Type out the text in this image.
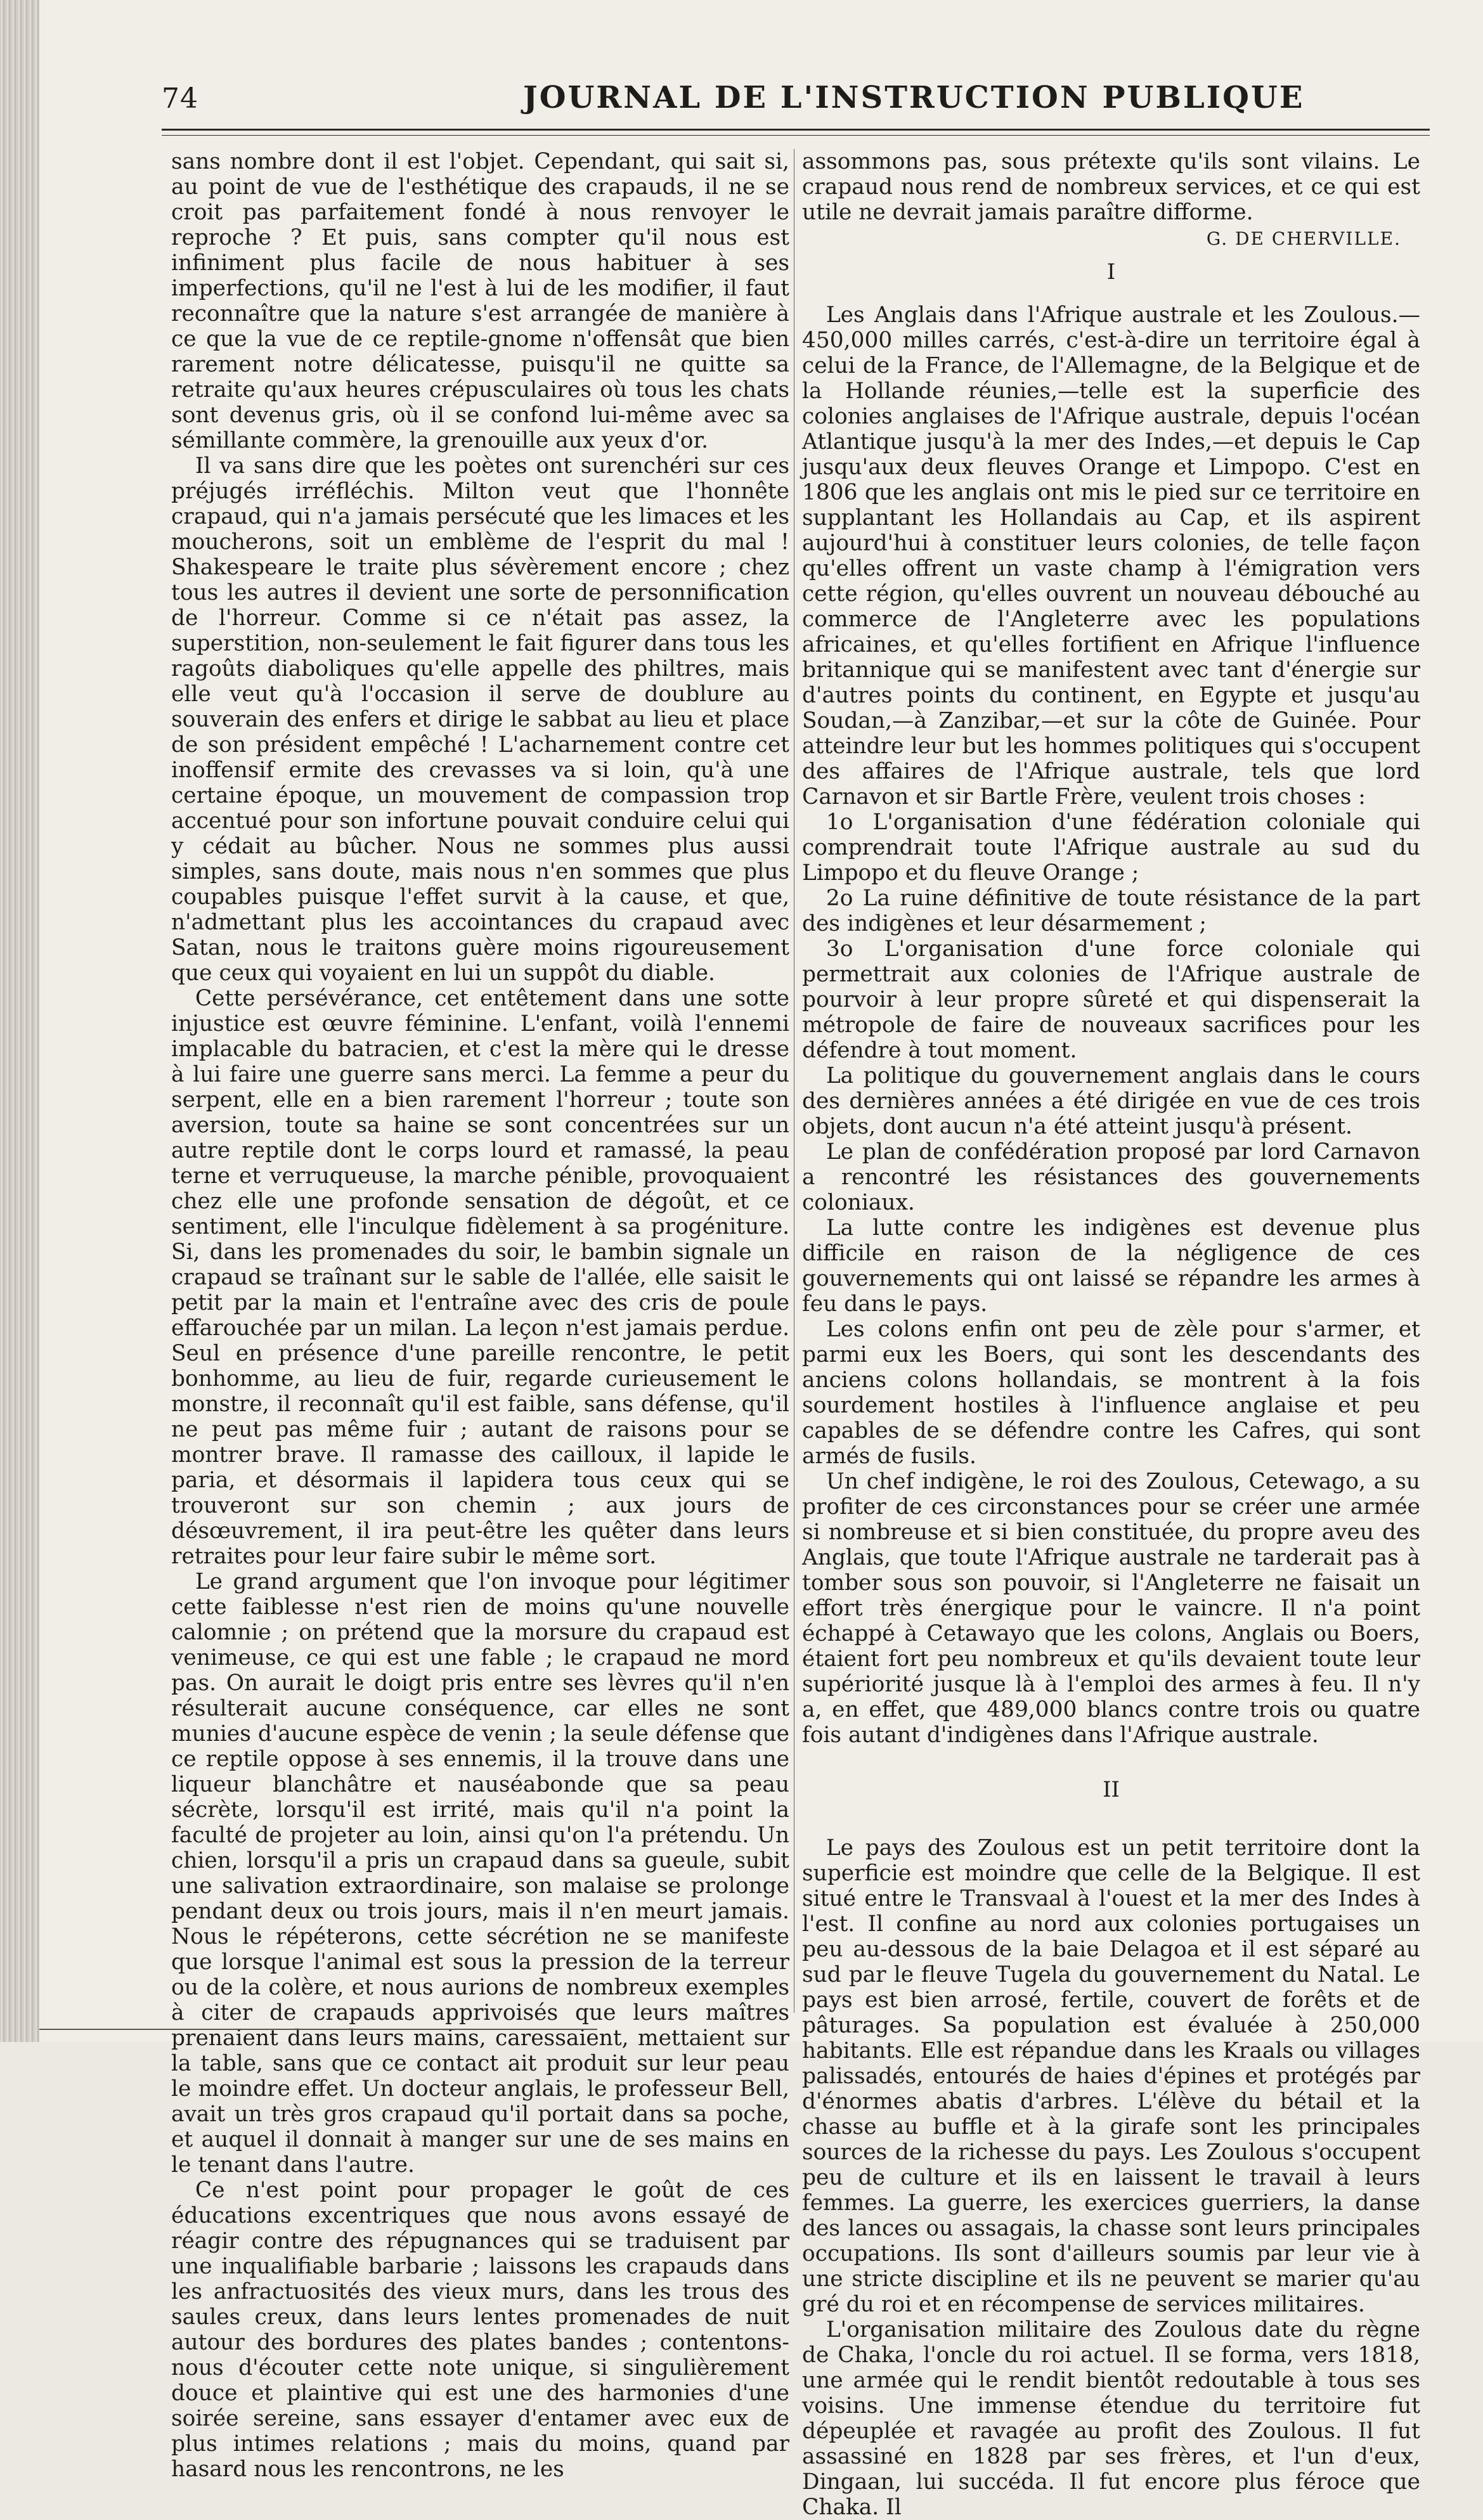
74	JOURNAL DE L'INSTRUCTION PUBLIQUE

sans nombre dont il est l'objet. Cependant, qui sait si, au point de vue de l'esthétique des crapauds, il ne se croit pas parfaitement fondé à nous renvoyer le reproche ? Et puis, sans compter qu'il nous est infiniment plus facile de nous habituer à ses imperfections, qu'il ne l'est à lui de les modifier, il faut reconnaître que la nature s'est arrangée de manière à ce que la vue de ce reptile-gnome n'offensât que bien rarement notre délicatesse, puisqu'il ne quitte sa retraite qu'aux heures crépusculaires où tous les chats sont devenus gris, où il se confond lui-même avec sa sémillante commère, la grenouille aux yeux d'or.

Il va sans dire que les poètes ont surenchéri sur ces préjugés irréfléchis. Milton veut que l'honnête crapaud, qui n'a jamais persécuté que les limaces et les moucherons, soit un emblème de l'esprit du mal ! Shakespeare le traite plus sévèrement encore ; chez tous les autres il devient une sorte de personnification de l'horreur. Comme si ce n'était pas assez, la superstition, non-seulement le fait figurer dans tous les ragoûts diaboliques qu'elle appelle des philtres, mais elle veut qu'à l'occasion il serve de doublure au souverain des enfers et dirige le sabbat au lieu et place de son président empêché ! L'acharnement contre cet inoffensif ermite des crevasses va si loin, qu'à une certaine époque, un mouvement de compassion trop accentué pour son infortune pouvait conduire celui qui y cédait au bûcher. Nous ne sommes plus aussi simples, sans doute, mais nous n'en sommes que plus coupables puisque l'effet survit à la cause, et que, n'admettant plus les accointances du crapaud avec Satan, nous le traitons guère moins rigoureusement que ceux qui voyaient en lui un suppôt du diable.

Cette persévérance, cet entêtement dans une sotte injustice est œuvre féminine. L'enfant, voilà l'ennemi implacable du batracien, et c'est la mère qui le dresse à lui faire une guerre sans merci. La femme a peur du serpent, elle en a bien rarement l'horreur ; toute son aversion, toute sa haine se sont concentrées sur un autre reptile dont le corps lourd et ramassé, la peau terne et verruqueuse, la marche pénible, provoquaient chez elle une profonde sensation de dégoût, et ce sentiment, elle l'inculque fidèlement à sa progéniture. Si, dans les promenades du soir, le bambin signale un crapaud se traînant sur le sable de l'allée, elle saisit le petit par la main et l'entraîne avec des cris de poule effarouchée par un milan. La leçon n'est jamais perdue. Seul en présence d'une pareille rencontre, le petit bonhomme, au lieu de fuir, regarde curieusement le monstre, il reconnaît qu'il est faible, sans défense, qu'il ne peut pas même fuir ; autant de raisons pour se montrer brave. Il ramasse des cailloux, il lapide le paria, et désormais il lapidera tous ceux qui se trouveront sur son chemin ; aux jours de désœuvrement, il ira peut-être les quêter dans leurs retraites pour leur faire subir le même sort.

Le grand argument que l'on invoque pour légitimer cette faiblesse n'est rien de moins qu'une nouvelle calomnie ; on prétend que la morsure du crapaud est venimeuse, ce qui est une fable ; le crapaud ne mord pas. On aurait le doigt pris entre ses lèvres qu'il n'en résulterait aucune conséquence, car elles ne sont munies d'aucune espèce de venin ; la seule défense que ce reptile oppose à ses ennemis, il la trouve dans une liqueur blanchâtre et nauséabonde que sa peau sécrète, lorsqu'il est irrité, mais qu'il n'a point la faculté de projeter au loin, ainsi qu'on l'a prétendu. Un chien, lorsqu'il a pris un crapaud dans sa gueule, subit une salivation extraordinaire, son malaise se prolonge pendant deux ou trois jours, mais il n'en meurt jamais. Nous le répéterons, cette sécrétion ne se manifeste que lorsque l'animal est sous la pression de la terreur ou de la colère, et nous aurions de nombreux exemples à citer de crapauds apprivoisés que leurs maîtres prenaient dans leurs mains, caressaient, mettaient sur la table, sans que ce contact ait produit sur leur peau le moindre effet. Un docteur anglais, le professeur Bell, avait un très gros crapaud qu'il portait dans sa poche, et auquel il donnait à manger sur une de ses mains en le tenant dans l'autre.

Ce n'est point pour propager le goût de ces éducations excentriques que nous avons essayé de réagir contre des répugnances qui se traduisent par une inqualifiable barbarie ; laissons les crapauds dans les anfractuosités des vieux murs, dans les trous des saules creux, dans leurs lentes promenades de nuit autour des bordures des plates bandes ; contentons-nous d'écouter cette note unique, si singulièrement douce et plaintive qui est une des harmonies d'une soirée sereine, sans essayer d'entamer avec eux de plus intimes relations ; mais du moins, quand par hasard nous les rencontrons, ne les

assommons pas, sous prétexte qu'ils sont vilains. Le crapaud nous rend de nombreux services, et ce qui est utile ne devrait jamais paraître difforme.

G. DE CHERVILLE.
I

Les Anglais dans l'Afrique australe et les Zoulous.—450,000 milles carrés, c'est-à-dire un territoire égal à celui de la France, de l'Allemagne, de la Belgique et de la Hollande réunies,—telle est la superficie des colonies anglaises de l'Afrique australe, depuis l'océan Atlantique jusqu'à la mer des Indes,—et depuis le Cap jusqu'aux deux fleuves Orange et Limpopo. C'est en 1806 que les anglais ont mis le pied sur ce territoire en supplantant les Hollandais au Cap, et ils aspirent aujourd'hui à constituer leurs colonies, de telle façon qu'elles offrent un vaste champ à l'émigration vers cette région, qu'elles ouvrent un nouveau débouché au commerce de l'Angleterre avec les populations africaines, et qu'elles fortifient en Afrique l'influence britannique qui se manifestent avec tant d'énergie sur d'autres points du continent, en Egypte et jusqu'au Soudan,—à Zanzibar,—et sur la côte de Guinée. Pour atteindre leur but les hommes politiques qui s'occupent des affaires de l'Afrique australe, tels que lord Carnavon et sir Bartle Frère, veulent trois choses :

1o L'organisation d'une fédération coloniale qui comprendrait toute l'Afrique australe au sud du Limpopo et du fleuve Orange ;

2o La ruine définitive de toute résistance de la part des indigènes et leur désarmement ;

3o L'organisation d'une force coloniale qui permettrait aux colonies de l'Afrique australe de pourvoir à leur propre sûreté et qui dispenserait la métropole de faire de nouveaux sacrifices pour les défendre à tout moment.

La politique du gouvernement anglais dans le cours des dernières années a été dirigée en vue de ces trois objets, dont aucun n'a été atteint jusqu'à présent.

Le plan de confédération proposé par lord Carnavon a rencontré les résistances des gouvernements coloniaux.

La lutte contre les indigènes est devenue plus difficile en raison de la négligence de ces gouvernements qui ont laissé se répandre les armes à feu dans le pays.

Les colons enfin ont peu de zèle pour s'armer, et parmi eux les Boers, qui sont les descendants des anciens colons hollandais, se montrent à la fois sourdement hostiles à l'influence anglaise et peu capables de se défendre contre les Cafres, qui sont armés de fusils.

Un chef indigène, le roi des Zoulous, Cetewago, a su profiter de ces circonstances pour se créer une armée si nombreuse et si bien constituée, du propre aveu des Anglais, que toute l'Afrique australe ne tarderait pas à tomber sous son pouvoir, si l'Angleterre ne faisait un effort très énergique pour le vaincre. Il n'a point échappé à Cetawayo que les colons, Anglais ou Boers, étaient fort peu nombreux et qu'ils devaient toute leur supériorité jusque là à l'emploi des armes à feu. Il n'y a, en effet, que 489,000 blancs contre trois ou quatre fois autant d'indigènes dans l'Afrique australe.

II

Le pays des Zoulous est un petit territoire dont la superficie est moindre que celle de la Belgique. Il est situé entre le Transvaal à l'ouest et la mer des Indes à l'est. Il confine au nord aux colonies portugaises un peu au-dessous de la baie Delagoa et il est séparé au sud par le fleuve Tugela du gouvernement du Natal. Le pays est bien arrosé, fertile, couvert de forêts et de pâturages. Sa population est évaluée à 250,000 habitants. Elle est répandue dans les Kraals ou villages palissadés, entourés de haies d'épines et protégés par d'énormes abatis d'arbres. L'élève du bétail et la chasse au buffle et à la girafe sont les principales sources de la richesse du pays. Les Zoulous s'occupent peu de culture et ils en laissent le travail à leurs femmes. La guerre, les exercices guerriers, la danse des lances ou assagais, la chasse sont leurs principales occupations. Ils sont d'ailleurs soumis par leur vie à une stricte discipline et ils ne peuvent se marier qu'au gré du roi et en récompense de services militaires.

L'organisation militaire des Zoulous date du règne de Chaka, l'oncle du roi actuel. Il se forma, vers 1818, une armée qui le rendit bientôt redoutable à tous ses voisins. Une immense étendue du territoire fut dépeuplée et ravagée au profit des Zoulous. Il fut assassiné en 1828 par ses frères, et l'un d'eux, Dingaan, lui succéda. Il fut encore plus féroce que Chaka. Il
